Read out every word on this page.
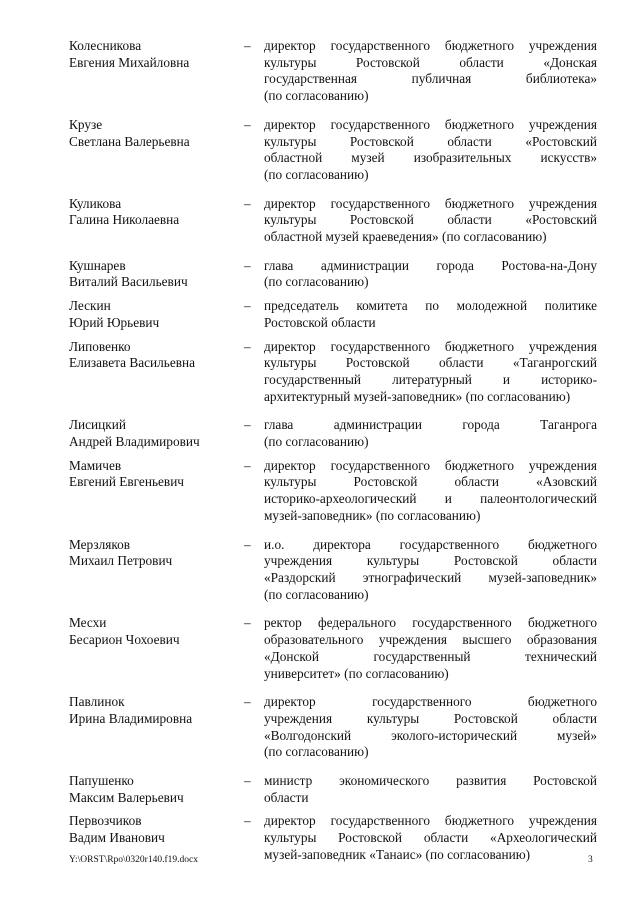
Колесникова
Евгения Михайловна
–	директор государственного бюджетного учреждения
культуры Ростовской области «Донская
государственная публичная библиотека»
(по согласованию)
Крузе
Светлана Валерьевна
–	директор государственного бюджетного учреждения
культуры Ростовской области «Ростовский
областной музей изобразительных искусств»
(по согласованию)
Куликова
Галина Николаевна
–	директор государственного бюджетного учреждения
культуры Ростовской области «Ростовский
областной музей краеведения» (по согласованию)
Кушнарев
Виталий Васильевич
–	глава администрации города Ростова-на-Дону
(по согласованию)
Лескин
Юрий Юрьевич
–	председатель комитета по молодежной политике
Ростовской области
Липовенко
Елизавета Васильевна
–	директор государственного бюджетного учреждения
культуры Ростовской области «Таганрогский
государственный литературный и историко-
архитектурный музей-заповедник» (по согласованию)
Лисицкий
Андрей Владимирович
–	глава администрации города Таганрога
(по согласованию)
Мамичев
Евгений Евгеньевич
–	директор государственного бюджетного учреждения
культуры Ростовской области «Азовский
историко-археологический и палеонтологический
музей-заповедник» (по согласованию)
Мерзляков
Михаил Петрович
–	и.о. директора государственного бюджетного
учреждения культуры Ростовской области
«Раздорский этнографический музей-заповедник»
(по согласованию)
Месхи
Бесарион Чохоевич
–	ректор федерального государственного бюджетного
образовательного учреждения высшего образования
«Донской государственный технический
университет» (по согласованию)
Павлинок
Ирина Владимировна
–	директор государственного бюджетного
учреждения культуры Ростовской области
«Волгодонский эколого-исторический музей»
(по согласованию)
Папушенко
Максим Валерьевич
–	министр экономического развития Ростовской
области
Первозчиков
Вадим Иванович
–	директор государственного бюджетного учреждения
культуры Ростовской области «Археологический
музей-заповедник «Танаис» (по согласованию)
Y:\ORST\Rpo\0320r140.f19.docx	3
